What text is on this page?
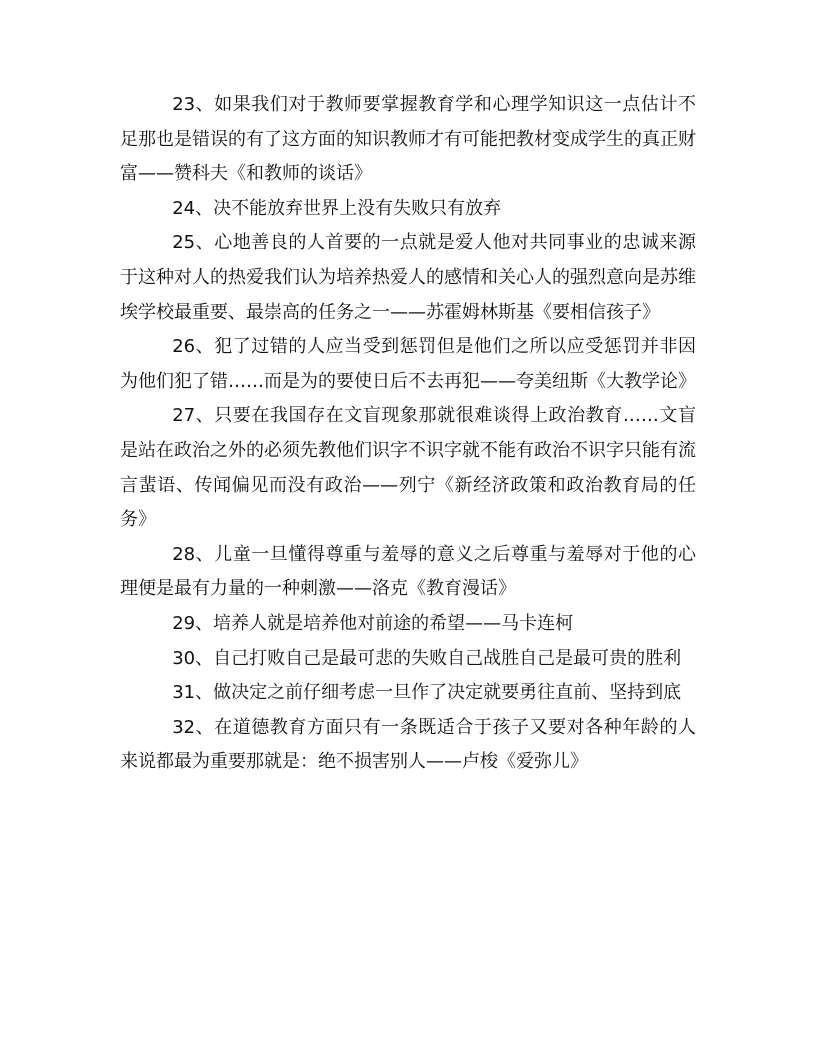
23、如果我们对于教师要掌握教育学和心理学知识这一点估计不足那也是错误的有了这方面的知识教师才有可能把教材变成学生的真正财富——赞科夫《和教师的谈话》

24、决不能放弃世界上没有失败只有放弃

25、心地善良的人首要的一点就是爱人他对共同事业的忠诚来源于这种对人的热爱我们认为培养热爱人的感情和关心人的强烈意向是苏维埃学校最重要、最崇高的任务之一——苏霍姆林斯基《要相信孩子》

26、犯了过错的人应当受到惩罚但是他们之所以应受惩罚并非因为他们犯了错……而是为的要使日后不去再犯——夸美纽斯《大教学论》

27、只要在我国存在文盲现象那就很难谈得上政治教育……文盲是站在政治之外的必须先教他们识字不识字就不能有政治不识字只能有流言蜚语、传闻偏见而没有政治——列宁《新经济政策和政治教育局的任务》

28、儿童一旦懂得尊重与羞辱的意义之后尊重与羞辱对于他的心理便是最有力量的一种刺激——洛克《教育漫话》

29、培养人就是培养他对前途的希望——马卡连柯

30、自己打败自己是最可悲的失败自己战胜自己是最可贵的胜利

31、做决定之前仔细考虑一旦作了决定就要勇往直前、坚持到底

32、在道德教育方面只有一条既适合于孩子又要对各种年龄的人来说都最为重要那就是：绝不损害别人——卢梭《爱弥儿》
